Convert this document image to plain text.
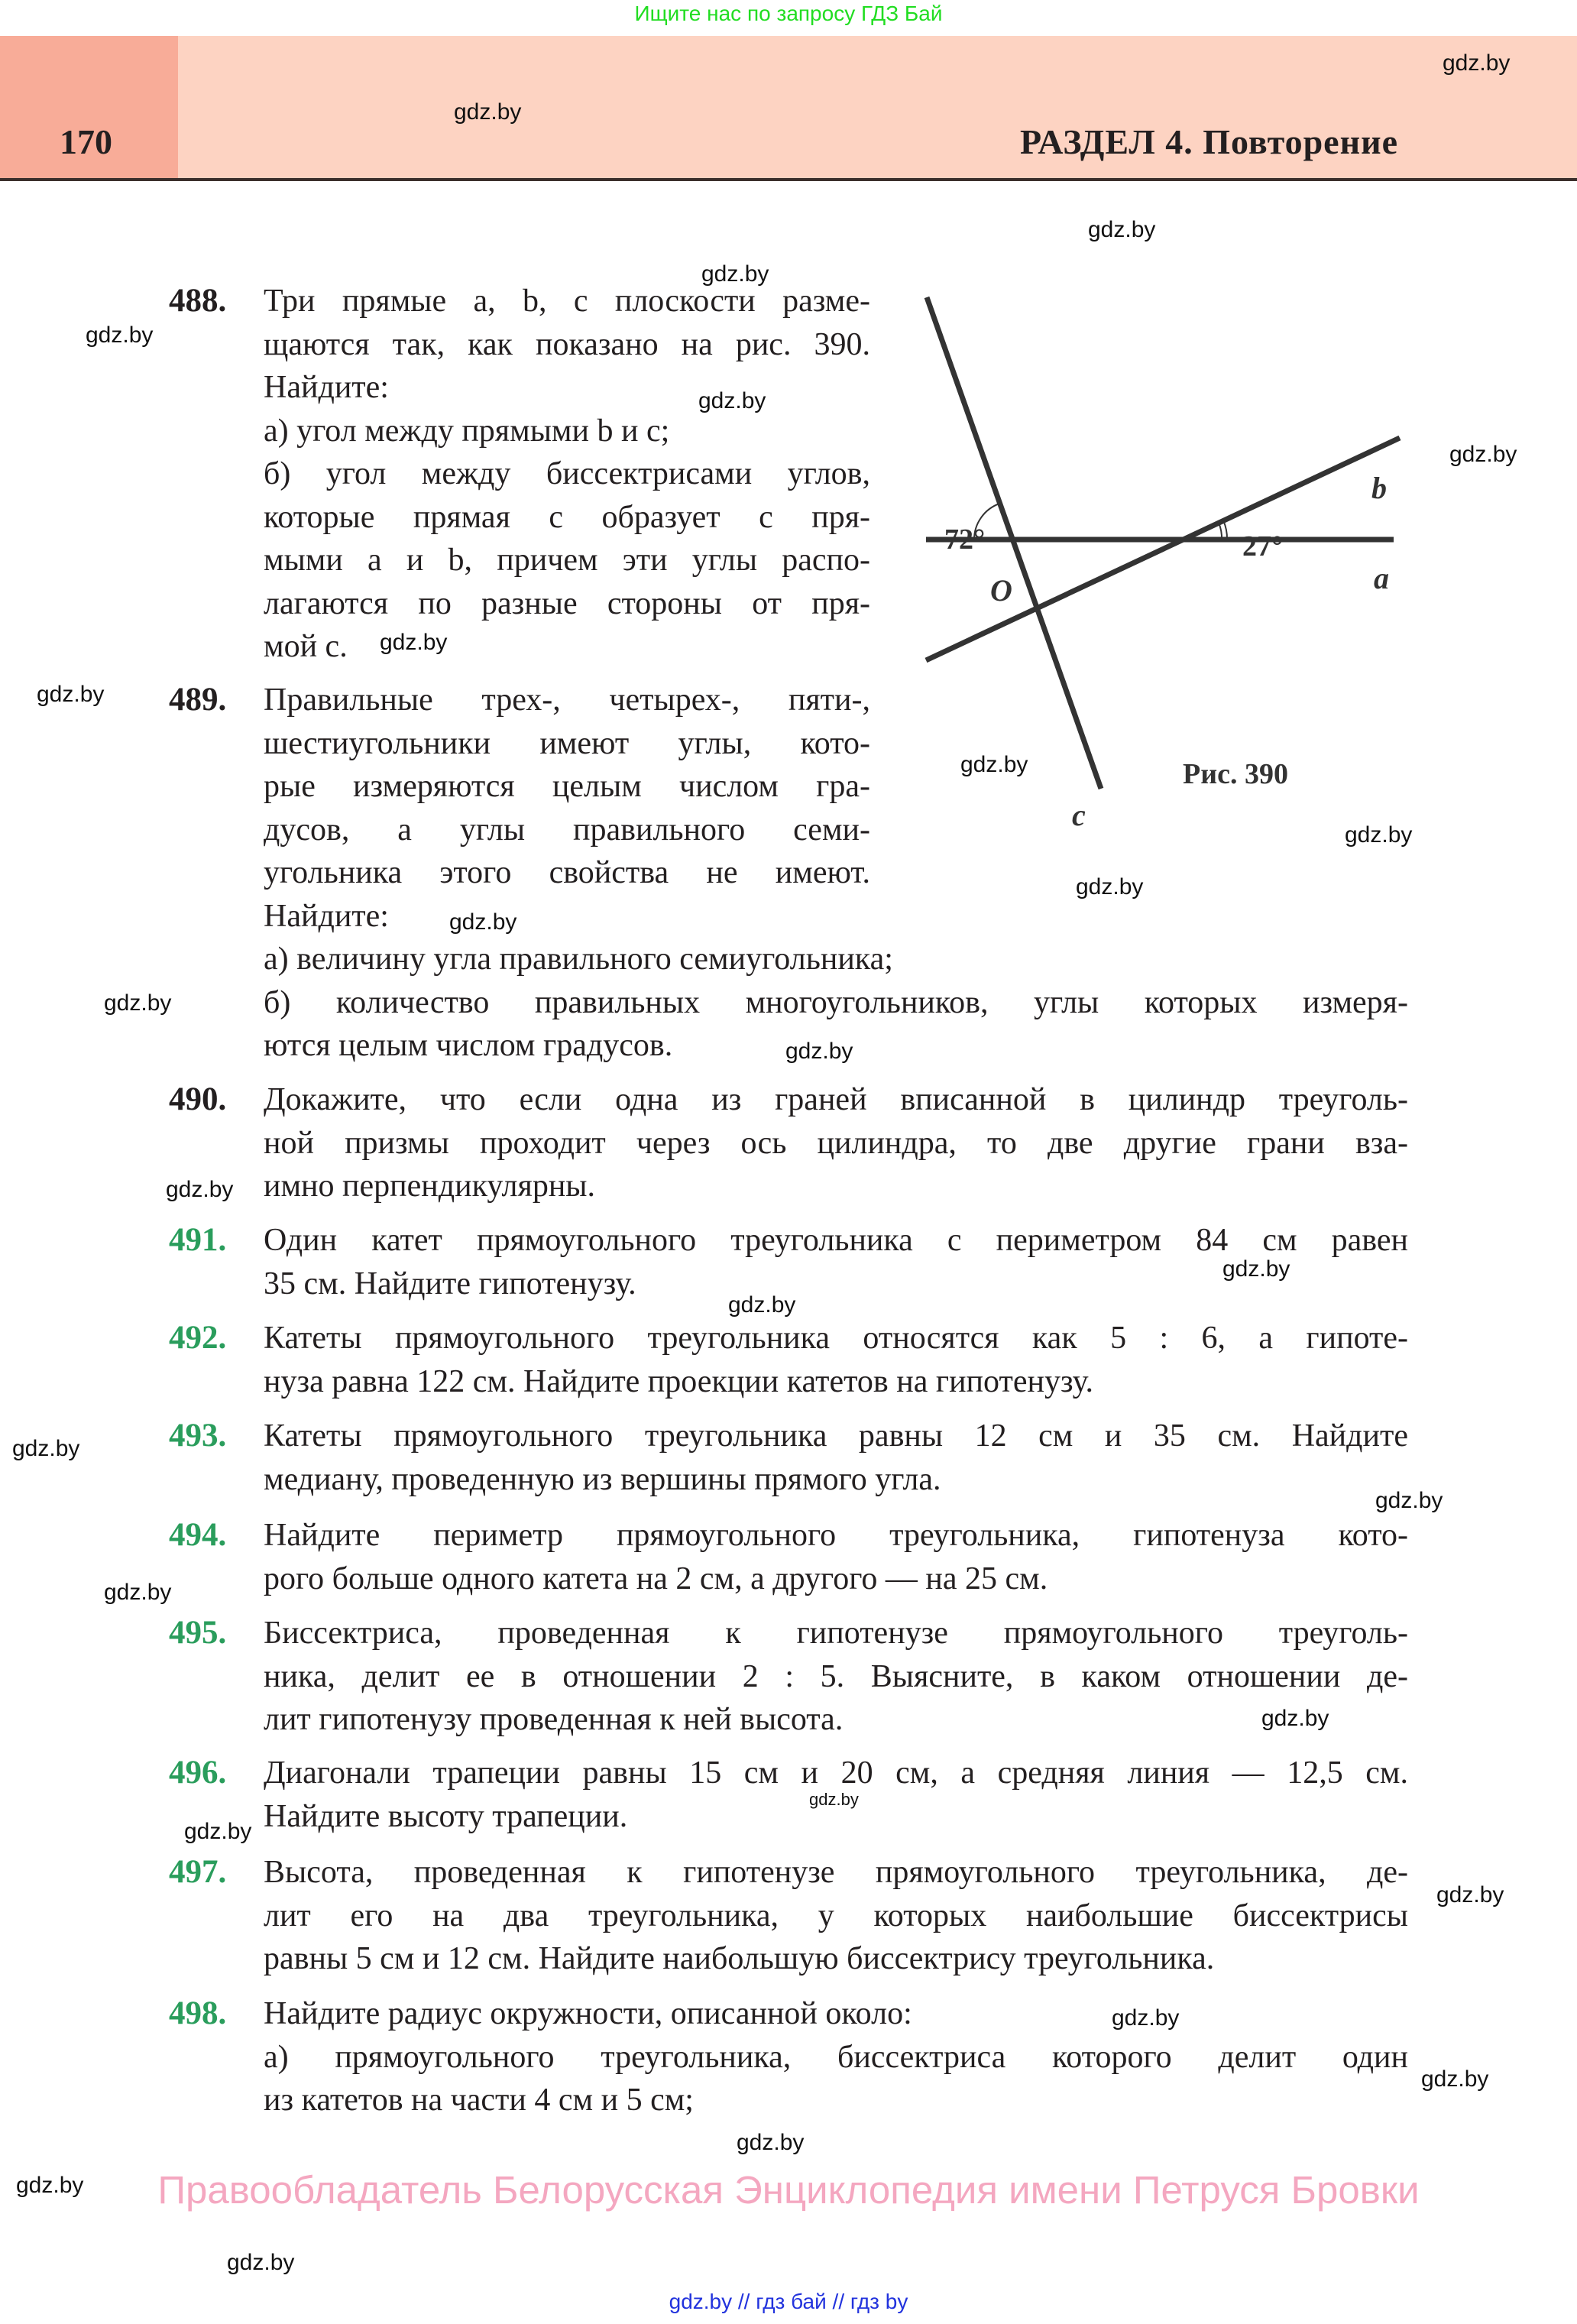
Ищите нас по запросу ГДЗ Бай
170	РАЗДЕЛ 4. Повторение
72°
O
27°
b
a
c
Рис. 390
488. Три прямые a, b, c плоскости разме-
щаются так, как показано на рис. 390.
Найдите:
а) угол между прямыми b и c;
б) угол между биссектрисами углов,
которые прямая c образует с пря-
мыми a и b, причем эти углы распо-
лагаются по разные стороны от пря-
мой c.
489. Правильные трех-, четырех-, пяти-,
шестиугольники имеют углы, кото-
рые измеряются целым числом гра-
дусов, а углы правильного семи-
угольника этого свойства не имеют.
Найдите:
а) величину угла правильного семиугольника;
б) количество правильных многоугольников, углы которых измеря-
ются целым числом градусов.
490. Докажите, что если одна из граней вписанной в цилиндр треуголь-
ной призмы проходит через ось цилиндра, то две другие грани вза-
имно перпендикулярны.
491. Один катет прямоугольного треугольника с периметром 84 см равен
35 см. Найдите гипотенузу.
492. Катеты прямоугольного треугольника относятся как 5 : 6, а гипоте-
нуза равна 122 см. Найдите проекции катетов на гипотенузу.
493. Катеты прямоугольного треугольника равны 12 см и 35 см. Найдите
медиану, проведенную из вершины прямого угла.
494. Найдите периметр прямоугольного треугольника, гипотенуза кото-
рого больше одного катета на 2 см, а другого — на 25 см.
495. Биссектриса, проведенная к гипотенузе прямоугольного треуголь-
ника, делит ее в отношении 2 : 5. Выясните, в каком отношении де-
лит гипотенузу проведенная к ней высота.
496. Диагонали трапеции равны 15 см и 20 см, а средняя линия — 12,5 см.
Найдите высоту трапеции.
497. Высота, проведенная к гипотенузе прямоугольного треугольника, де-
лит его на два треугольника, у которых наибольшие биссектрисы
равны 5 см и 12 см. Найдите наибольшую биссектрису треугольника.
498. Найдите радиус окружности, описанной около:
а) прямоугольного треугольника, биссектриса которого делит один
из катетов на части 4 см и 5 см;
gdz.by
gdz.by
gdz.by
gdz.by
gdz.by
gdz.by
gdz.by
gdz.by
gdz.by
gdz.by
gdz.by
gdz.by
gdz.by
gdz.by
gdz.by
gdz.by
gdz.by
gdz.by
gdz.by
gdz.by
gdz.by
gdz.by
gdz.by
gdz.by
gdz.by
gdz.by
gdz.by
gdz.by
gdz.by
gdz.by
Правообладатель Белорусская Энциклопедия имени Петруся Бровки
gdz.by // гдз бай // гдз by
